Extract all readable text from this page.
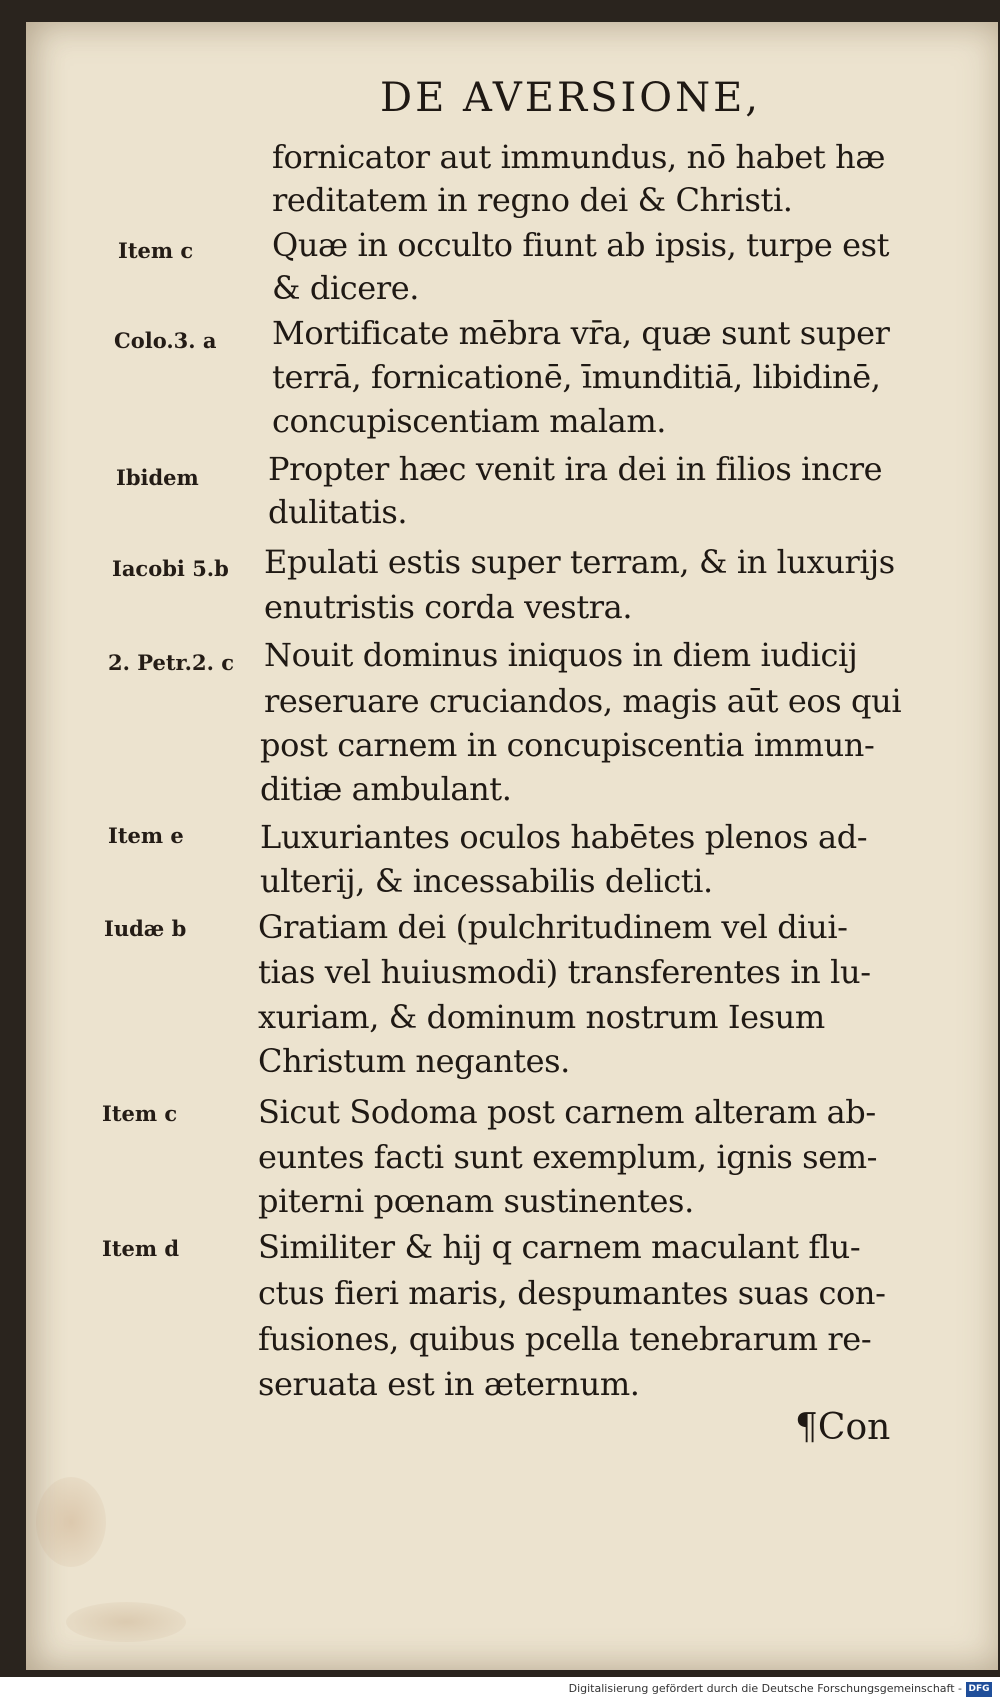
DE AVERSIONE,
fornicator aut immundus, nō habet hæ
reditatem in regno dei & Christi.
Quæ in occulto fiunt ab ipsis, turpe est
& dicere.
Mortificate mēbra vr̄a, quæ sunt super
terrā, fornicationē, īmunditiā, libidinē,
concupiscentiam malam.
Propter hæc venit ira dei in filios incre
dulitatis.
Epulati estis super terram, & in luxurijs
enutristis corda vestra.
Nouit dominus iniquos in diem iudicij
reseruare cruciandos, magis aūt eos qui
post carnem in concupiscentia immun-
ditiæ ambulant.
Luxuriantes oculos habētes plenos ad-
ulterij, & incessabilis delicti.
Gratiam dei (pulchritudinem vel diui-
tias vel huiusmodi) transferentes in lu-
xuriam, & dominum nostrum Iesum
Christum negantes.
Sicut Sodoma post carnem alteram ab-
euntes facti sunt exemplum, ignis sem-
piterni pœnam sustinentes.
Similiter & hij q carnem maculant flu-
ctus fieri maris, despumantes suas con-
fusiones, quibus pcella tenebrarum re-
seruata est in æternum.
Item c
Colo.3. a
Ibidem
Iacobi 5.b
2. Petr.2. c
Item e
Iudæ b
Item c
Item d
¶Con
Digitalisierung gefördert durch die Deutsche Forschungsgemeinschaft - DFG
